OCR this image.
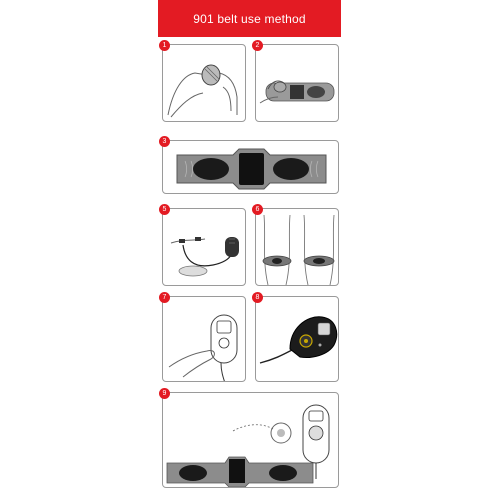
901 belt use method
1	2
3
5	6
7	8
9
